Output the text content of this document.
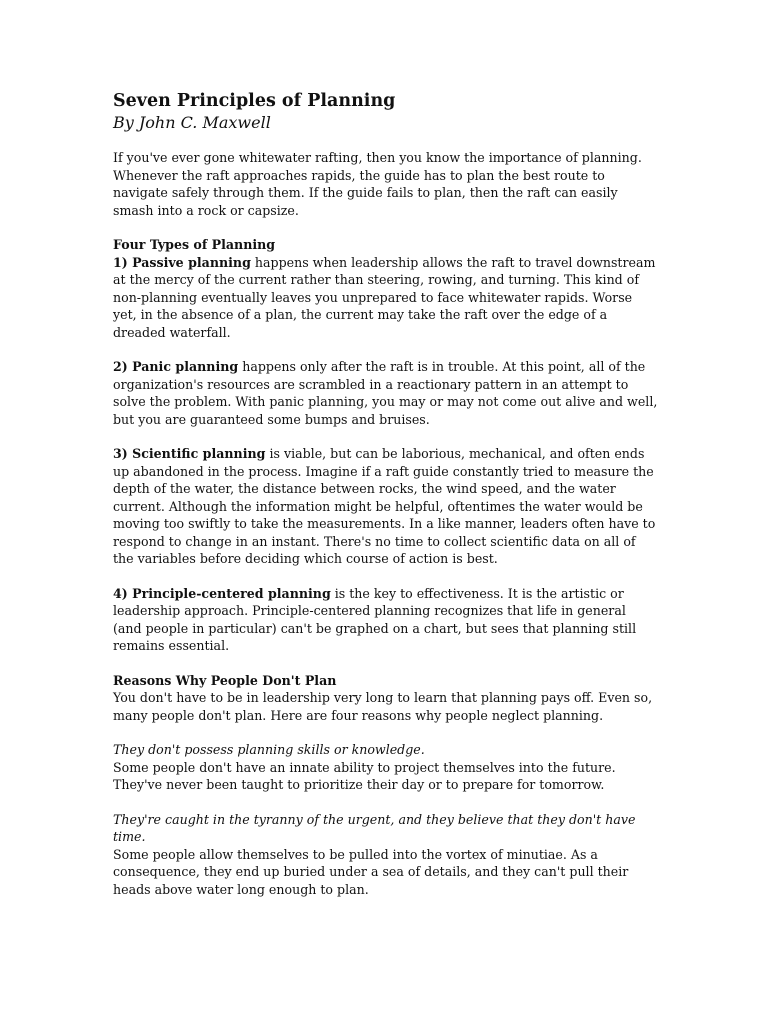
Seven Principles of Planning
By John C. Maxwell

If you've ever gone whitewater rafting, then you know the importance of planning. Whenever the raft approaches rapids, the guide has to plan the best route to navigate safely through them. If the guide fails to plan, then the raft can easily smash into a rock or capsize.

Four Types of Planning
1) Passive planning happens when leadership allows the raft to travel downstream at the mercy of the current rather than steering, rowing, and turning. This kind of non-planning eventually leaves you unprepared to face whitewater rapids. Worse yet, in the absence of a plan, the current may take the raft over the edge of a dreaded waterfall.

2) Panic planning happens only after the raft is in trouble. At this point, all of the organization's resources are scrambled in a reactionary pattern in an attempt to solve the problem. With panic planning, you may or may not come out alive and well, but you are guaranteed some bumps and bruises.

3) Scientific planning is viable, but can be laborious, mechanical, and often ends up abandoned in the process. Imagine if a raft guide constantly tried to measure the depth of the water, the distance between rocks, the wind speed, and the water current. Although the information might be helpful, oftentimes the water would be moving too swiftly to take the measurements. In a like manner, leaders often have to respond to change in an instant. There's no time to collect scientific data on all of the variables before deciding which course of action is best.

4) Principle-centered planning is the key to effectiveness. It is the artistic or leadership approach. Principle-centered planning recognizes that life in general (and people in particular) can't be graphed on a chart, but sees that planning still remains essential.

Reasons Why People Don't Plan
You don't have to be in leadership very long to learn that planning pays off. Even so, many people don't plan. Here are four reasons why people neglect planning.

They don't possess planning skills or knowledge.
Some people don't have an innate ability to project themselves into the future. They've never been taught to prioritize their day or to prepare for tomorrow.

They're caught in the tyranny of the urgent, and they believe that they don't have time.
Some people allow themselves to be pulled into the vortex of minutiae. As a consequence, they end up buried under a sea of details, and they can't pull their heads above water long enough to plan.
